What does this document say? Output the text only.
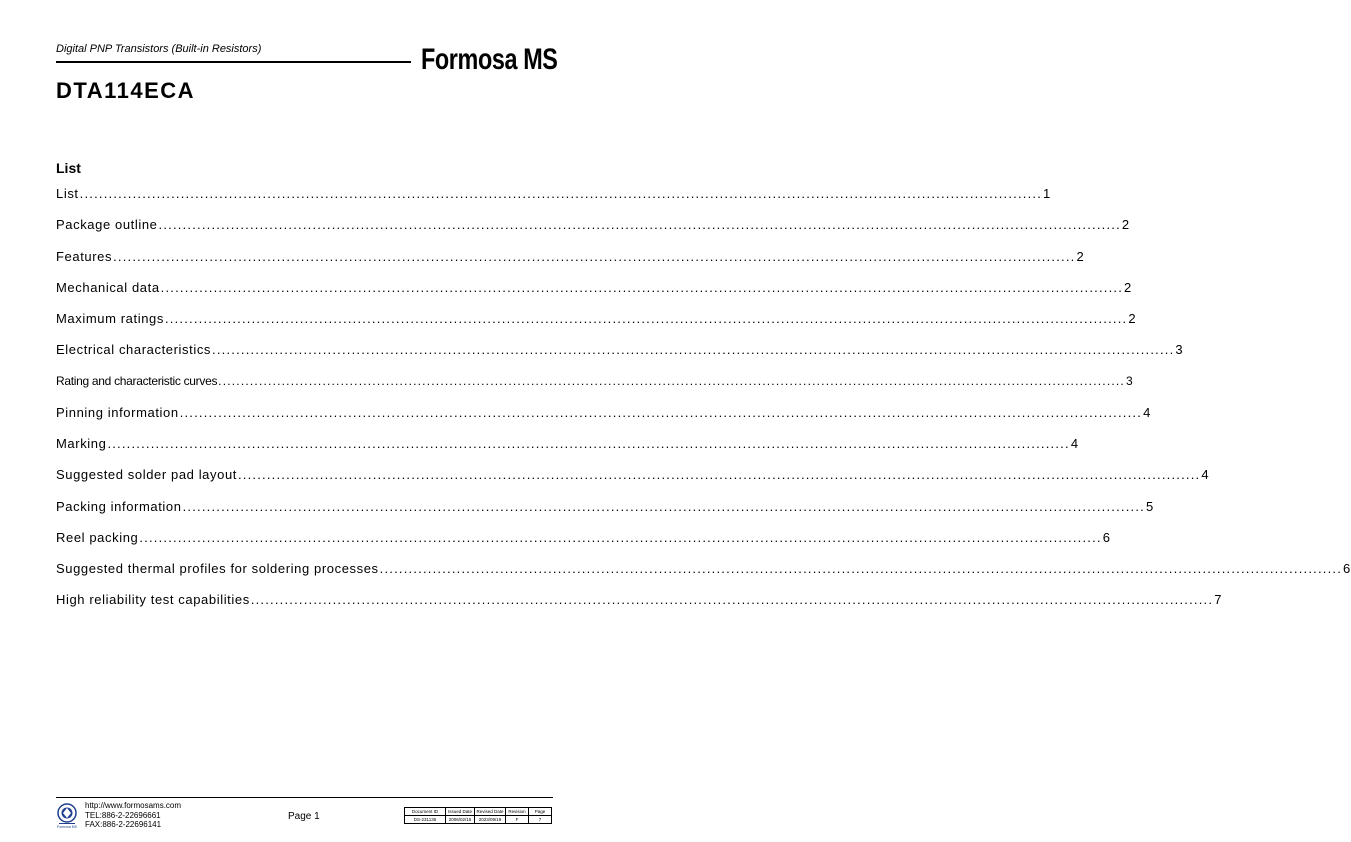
Digital PNP Transistors (Built-in Resistors)	Formosa MS
DTA114ECA
List
List ........................................................................................................................................................................................................ 1
Package outline ........................................................................................................................................................................................................ 2
Features ........................................................................................................................................................................................................ 2
Mechanical data ........................................................................................................................................................................................................ 2
Maximum ratings ........................................................................................................................................................................................................ 2
Electrical characteristics ........................................................................................................................................................................................................ 3
Rating and characteristic curves ........................................................................................................................................................................................................ 3
Pinning information ........................................................................................................................................................................................................ 4
Marking ........................................................................................................................................................................................................ 4
Suggested solder pad layout ........................................................................................................................................................................................................ 4
Packing information ........................................................................................................................................................................................................ 5
Reel packing ........................................................................................................................................................................................................ 6
Suggested thermal profiles for soldering processes ........................................................................................................................................................................................................ 6
High reliability test capabilities ........................................................................................................................................................................................................ 7
Formosa MS
http://www.formosams.com
TEL:886-2-22696661
FAX:886-2-22696141
Page 1	Document ID	Issued Date	Revised Date	Revision	Page
DS-231135	2006/02/15	2023/09/19	F	7
